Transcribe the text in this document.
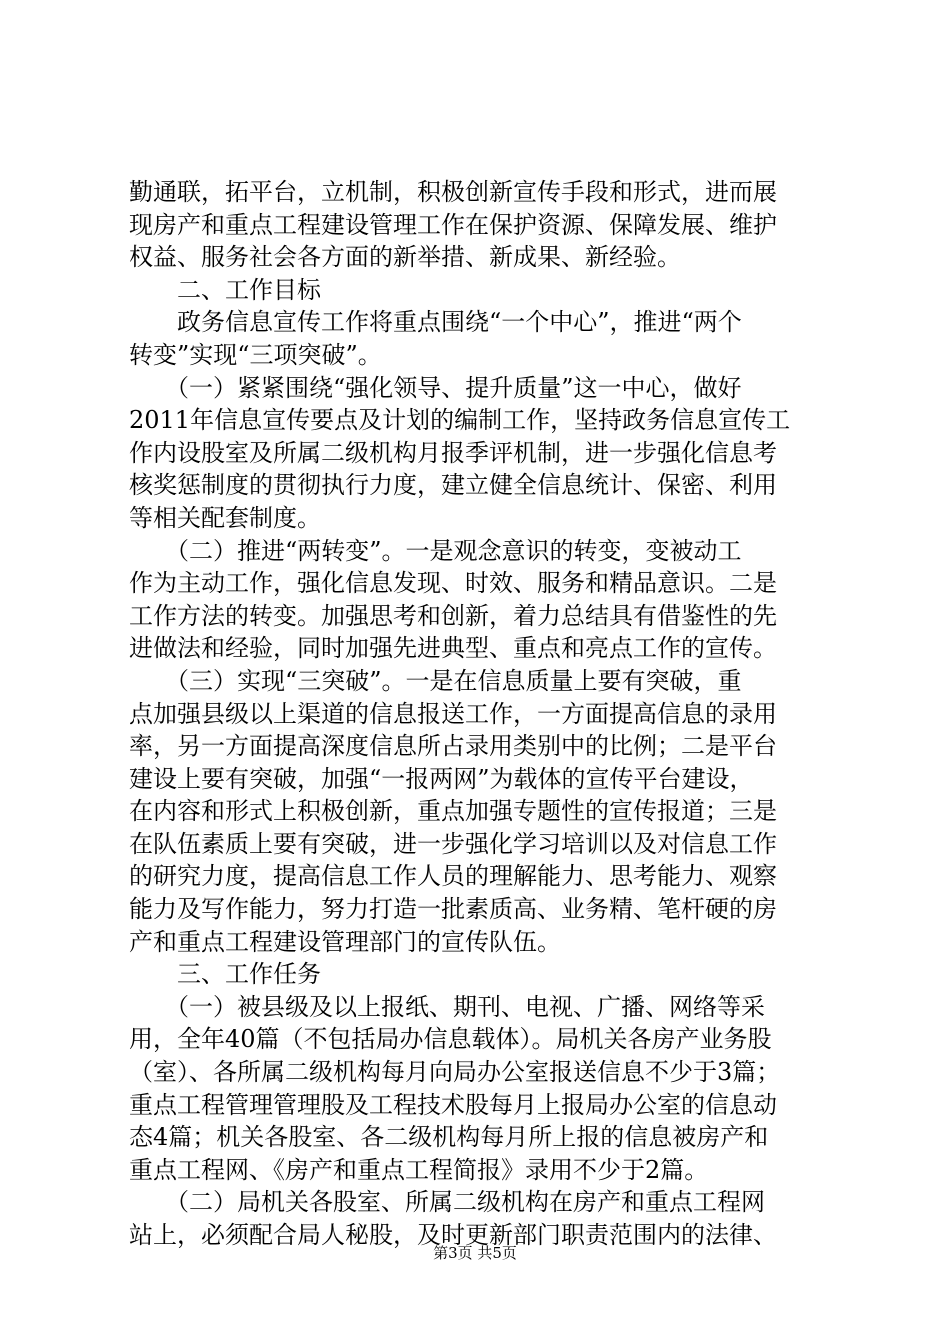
勤通联，拓平台，立机制，积极创新宣传手段和形式，进而展
现房产和重点工程建设管理工作在保护资源、保障发展、维护
权益、服务社会各方面的新举措、新成果、新经验。
　　二、工作目标
　　政务信息宣传工作将重点围绕“一个中心”，推进“两个
转变”实现“三项突破”。
　　（一）紧紧围绕“强化领导、提升质量”这一中心，做好
2011年信息宣传要点及计划的编制工作，坚持政务信息宣传工
作内设股室及所属二级机构月报季评机制，进一步强化信息考
核奖惩制度的贯彻执行力度，建立健全信息统计、保密、利用
等相关配套制度。
　　（二）推进“两转变”。一是观念意识的转变，变被动工
作为主动工作，强化信息发现、时效、服务和精品意识。二是
工作方法的转变。加强思考和创新，着力总结具有借鉴性的先
进做法和经验，同时加强先进典型、重点和亮点工作的宣传。
　　（三）实现“三突破”。一是在信息质量上要有突破，重
点加强县级以上渠道的信息报送工作，一方面提高信息的录用
率，另一方面提高深度信息所占录用类别中的比例；二是平台
建设上要有突破，加强“一报两网”为载体的宣传平台建设，
在内容和形式上积极创新，重点加强专题性的宣传报道；三是
在队伍素质上要有突破，进一步强化学习培训以及对信息工作
的研究力度，提高信息工作人员的理解能力、思考能力、观察
能力及写作能力，努力打造一批素质高、业务精、笔杆硬的房
产和重点工程建设管理部门的宣传队伍。
　　三、工作任务
　　（一）被县级及以上报纸、期刊、电视、广播、网络等采
用，全年40篇（不包括局办信息载体）。局机关各房产业务股
（室）、各所属二级机构每月向局办公室报送信息不少于3篇；
重点工程管理管理股及工程技术股每月上报局办公室的信息动
态4篇；机关各股室、各二级机构每月所上报的信息被房产和
重点工程网、《房产和重点工程简报》录用不少于2篇。
　　（二）局机关各股室、所属二级机构在房产和重点工程网
站上，必须配合局人秘股，及时更新部门职责范围内的法律、
第3页 共5页
